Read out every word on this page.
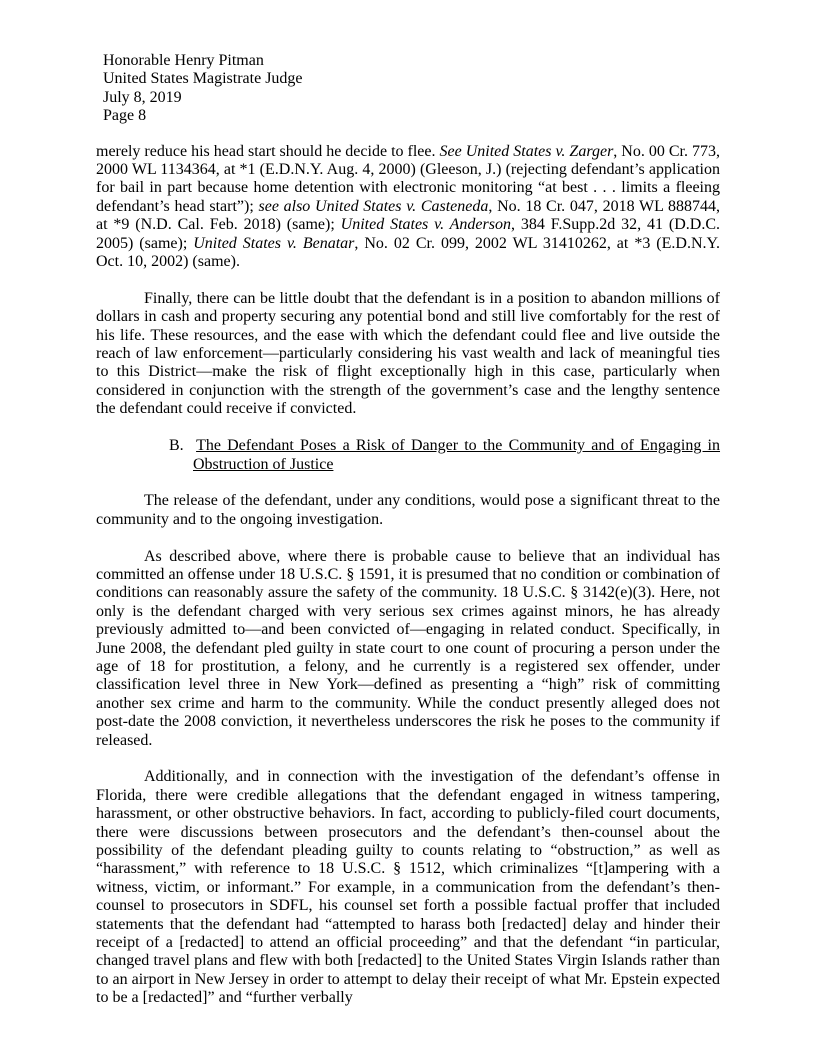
Honorable Henry Pitman
United States Magistrate Judge
July 8, 2019
Page 8

merely reduce his head start should he decide to flee. See United States v. Zarger, No. 00 Cr. 773, 2000 WL 1134364, at *1 (E.D.N.Y. Aug. 4, 2000) (Gleeson, J.) (rejecting defendant’s application for bail in part because home detention with electronic monitoring “at best . . . limits a fleeing defendant’s head start”); see also United States v. Casteneda, No. 18 Cr. 047, 2018 WL 888744, at *9 (N.D. Cal. Feb. 2018) (same); United States v. Anderson, 384 F.Supp.2d 32, 41 (D.D.C. 2005) (same); United States v. Benatar, No. 02 Cr. 099, 2002 WL 31410262, at *3 (E.D.N.Y. Oct. 10, 2002) (same).

Finally, there can be little doubt that the defendant is in a position to abandon millions of dollars in cash and property securing any potential bond and still live comfortably for the rest of his life. These resources, and the ease with which the defendant could flee and live outside the reach of law enforcement—particularly considering his vast wealth and lack of meaningful ties to this District—make the risk of flight exceptionally high in this case, particularly when considered in conjunction with the strength of the government’s case and the lengthy sentence the defendant could receive if convicted.

B.  The Defendant Poses a Risk of Danger to the Community and of Engaging in Obstruction of Justice

The release of the defendant, under any conditions, would pose a significant threat to the community and to the ongoing investigation.

As described above, where there is probable cause to believe that an individual has committed an offense under 18 U.S.C. § 1591, it is presumed that no condition or combination of conditions can reasonably assure the safety of the community. 18 U.S.C. § 3142(e)(3). Here, not only is the defendant charged with very serious sex crimes against minors, he has already previously admitted to—and been convicted of—engaging in related conduct. Specifically, in June 2008, the defendant pled guilty in state court to one count of procuring a person under the age of 18 for prostitution, a felony, and he currently is a registered sex offender, under classification level three in New York—defined as presenting a “high” risk of committing another sex crime and harm to the community. While the conduct presently alleged does not post-date the 2008 conviction, it nevertheless underscores the risk he poses to the community if released.

Additionally, and in connection with the investigation of the defendant’s offense in Florida, there were credible allegations that the defendant engaged in witness tampering, harassment, or other obstructive behaviors. In fact, according to publicly-filed court documents, there were discussions between prosecutors and the defendant’s then-counsel about the possibility of the defendant pleading guilty to counts relating to “obstruction,” as well as “harassment,” with reference to 18 U.S.C. § 1512, which criminalizes “[t]ampering with a witness, victim, or informant.” For example, in a communication from the defendant’s then-counsel to prosecutors in SDFL, his counsel set forth a possible factual proffer that included statements that the defendant had “attempted to harass both [redacted] delay and hinder their receipt of a [redacted] to attend an official proceeding” and that the defendant “in particular, changed travel plans and flew with both [redacted] to the United States Virgin Islands rather than to an airport in New Jersey in order to attempt to delay their receipt of what Mr. Epstein expected to be a [redacted]” and “further verbally
